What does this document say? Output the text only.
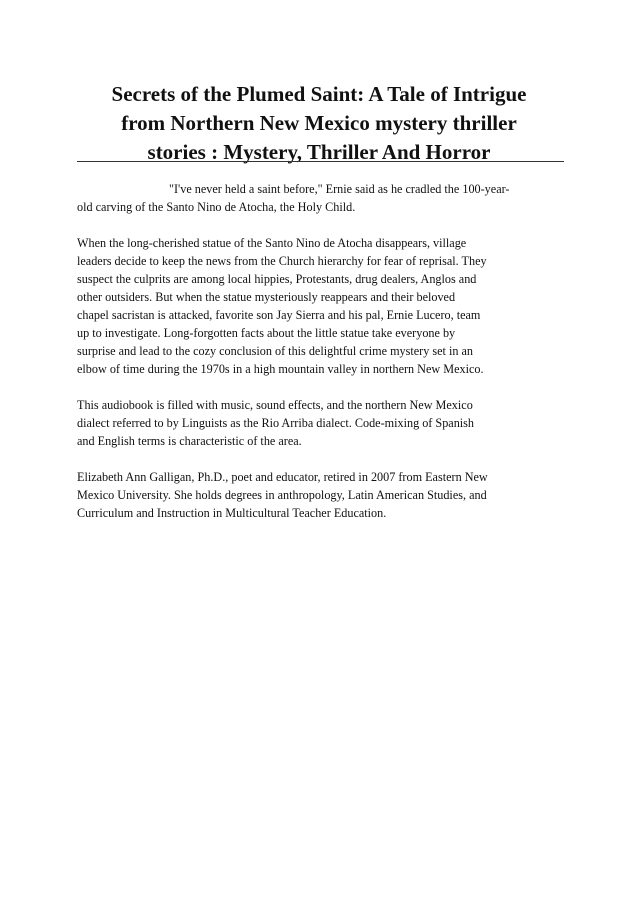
Secrets of the Plumed Saint: A Tale of Intrigue
from Northern New Mexico mystery thriller
stories : Mystery, Thriller And Horror

"I've never held a saint before," Ernie said as he cradled the 100-year-
old carving of the Santo Nino de Atocha, the Holy Child.

When the long-cherished statue of the Santo Nino de Atocha disappears, village
leaders decide to keep the news from the Church hierarchy for fear of reprisal. They
suspect the culprits are among local hippies, Protestants, drug dealers, Anglos and
other outsiders. But when the statue mysteriously reappears and their beloved
chapel sacristan is attacked, favorite son Jay Sierra and his pal, Ernie Lucero, team
up to investigate. Long-forgotten facts about the little statue take everyone by
surprise and lead to the cozy conclusion of this delightful crime mystery set in an
elbow of time during the 1970s in a high mountain valley in northern New Mexico.

This audiobook is filled with music, sound effects, and the northern New Mexico
dialect referred to by Linguists as the Rio Arriba dialect. Code-mixing of Spanish
and English terms is characteristic of the area.

Elizabeth Ann Galligan, Ph.D., poet and educator, retired in 2007 from Eastern New
Mexico University. She holds degrees in anthropology, Latin American Studies, and
Curriculum and Instruction in Multicultural Teacher Education.
